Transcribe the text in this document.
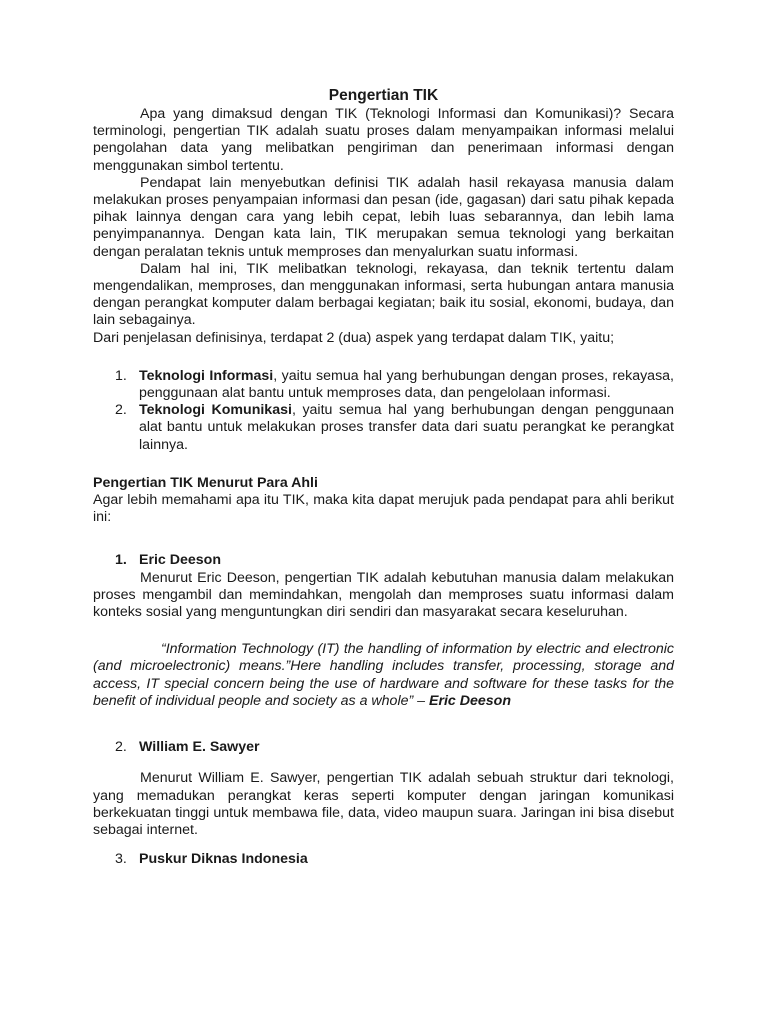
Pengertian TIK

Apa yang dimaksud dengan TIK (Teknologi Informasi dan Komunikasi)? Secara terminologi, pengertian TIK adalah suatu proses dalam menyampaikan informasi melalui pengolahan data yang melibatkan pengiriman dan penerimaan informasi dengan menggunakan simbol tertentu.

Pendapat lain menyebutkan definisi TIK adalah hasil rekayasa manusia dalam melakukan proses penyampaian informasi dan pesan (ide, gagasan) dari satu pihak kepada pihak lainnya dengan cara yang lebih cepat, lebih luas sebarannya, dan lebih lama penyimpanannya. Dengan kata lain, TIK merupakan semua teknologi yang berkaitan dengan peralatan teknis untuk memproses dan menyalurkan suatu informasi.

Dalam hal ini, TIK melibatkan teknologi, rekayasa, dan teknik tertentu dalam mengendalikan, memproses, dan menggunakan informasi, serta hubungan antara manusia dengan perangkat komputer dalam berbagai kegiatan; baik itu sosial, ekonomi, budaya, dan lain sebagainya.

Dari penjelasan definisinya, terdapat 2 (dua) aspek yang terdapat dalam TIK, yaitu;

1. Teknologi Informasi, yaitu semua hal yang berhubungan dengan proses, rekayasa, penggunaan alat bantu untuk memproses data, dan pengelolaan informasi.
2. Teknologi Komunikasi, yaitu semua hal yang berhubungan dengan penggunaan alat bantu untuk melakukan proses transfer data dari suatu perangkat ke perangkat lainnya.
Pengertian TIK Menurut Para Ahli

Agar lebih memahami apa itu TIK, maka kita dapat merujuk pada pendapat para ahli berikut ini:

1. Eric Deeson

Menurut Eric Deeson, pengertian TIK adalah kebutuhan manusia dalam melakukan proses mengambil dan memindahkan, mengolah dan memproses suatu informasi dalam konteks sosial yang menguntungkan diri sendiri dan masyarakat secara keseluruhan.

“Information Technology (IT) the handling of information by electric and electronic (and microelectronic) means.”Here handling includes transfer, processing, storage and access, IT special concern being the use of hardware and software for these tasks for the benefit of individual people and society as a whole” – Eric Deeson

2. William E. Sawyer

Menurut William E. Sawyer, pengertian TIK adalah sebuah struktur dari teknologi, yang memadukan perangkat keras seperti komputer dengan jaringan komunikasi berkekuatan tinggi untuk membawa file, data, video maupun suara. Jaringan ini bisa disebut sebagai internet.

3. Puskur Diknas Indonesia
